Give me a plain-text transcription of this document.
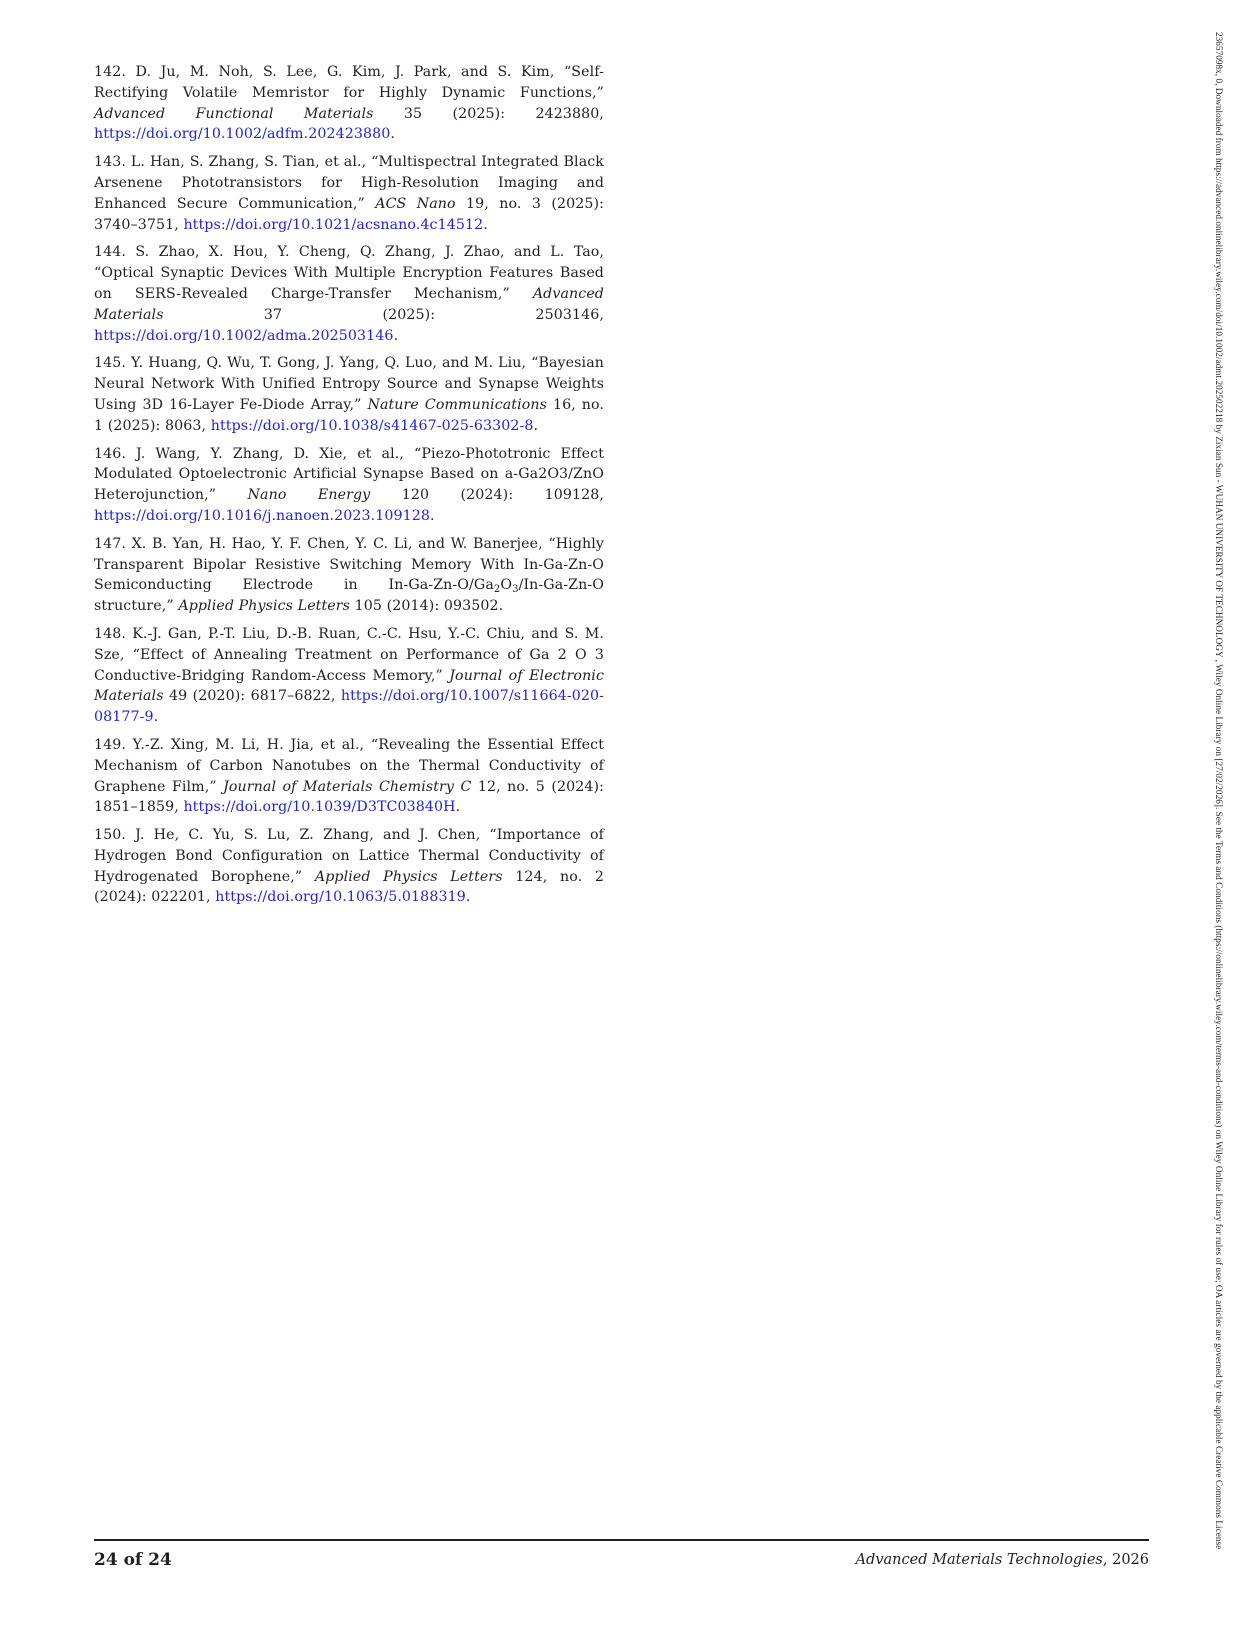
142. D. Ju, M. Noh, S. Lee, G. Kim, J. Park, and S. Kim, “Self-Rectifying Volatile Memristor for Highly Dynamic Functions,” Advanced Functional Materials 35 (2025): 2423880, https://doi.org/10.1002/adfm.202423880.

143. L. Han, S. Zhang, S. Tian, et al., “Multispectral Integrated Black Arsenene Phototransistors for High-Resolution Imaging and Enhanced Secure Communication,” ACS Nano 19, no. 3 (2025): 3740–3751, https://doi.org/10.1021/acsnano.4c14512.

144. S. Zhao, X. Hou, Y. Cheng, Q. Zhang, J. Zhao, and L. Tao, “Optical Synaptic Devices With Multiple Encryption Features Based on SERS-Revealed Charge-Transfer Mechanism,” Advanced Materials 37 (2025): 2503146, https://doi.org/10.1002/adma.202503146.

145. Y. Huang, Q. Wu, T. Gong, J. Yang, Q. Luo, and M. Liu, “Bayesian Neural Network With Unified Entropy Source and Synapse Weights Using 3D 16-Layer Fe-Diode Array,” Nature Communications 16, no. 1 (2025): 8063, https://doi.org/10.1038/s41467-025-63302-8.

146. J. Wang, Y. Zhang, D. Xie, et al., “Piezo-Phototronic Effect Modulated Optoelectronic Artificial Synapse Based on a-Ga2O3/ZnO Heterojunction,” Nano Energy 120 (2024): 109128, https://doi.org/10.1016/j.nanoen.2023.109128.

147. X. B. Yan, H. Hao, Y. F. Chen, Y. C. Li, and W. Banerjee, “Highly Transparent Bipolar Resistive Switching Memory With In-Ga-Zn-O Semiconducting Electrode in $In-Ga-Zn-O/Ga_2O_3/In-Ga-Zn-O$ structure,” Applied Physics Letters 105 (2014): 093502.

148. K.-J. Gan, P.-T. Liu, D.-B. Ruan, C.-C. Hsu, Y.-C. Chiu, and S. M. Sze, “Effect of Annealing Treatment on Performance of Ga 2 O 3 Conductive-Bridging Random-Access Memory,” Journal of Electronic Materials 49 (2020): 6817–6822, https://doi.org/10.1007/s11664-020-08177-9.

149. Y.-Z. Xing, M. Li, H. Jia, et al., “Revealing the Essential Effect Mechanism of Carbon Nanotubes on the Thermal Conductivity of Graphene Film,” Journal of Materials Chemistry C 12, no. 5 (2024): 1851–1859, https://doi.org/10.1039/D3TC03840H.

150. J. He, C. Yu, S. Lu, Z. Zhang, and J. Chen, “Importance of Hydrogen Bond Configuration on Lattice Thermal Conductivity of Hydrogenated Borophene,” Applied Physics Letters 124, no. 2 (2024): 022201, https://doi.org/10.1063/5.0188319.

24 of 24	Advanced Materials Technologies, 2026
23657098x, 0, Downloaded from https://advanced.onlinelibrary.wiley.com/doi/10.1002/admt.202502218 by Zixian Sun - WUHAN UNIVERSITY OF TECHNOLOGY , Wiley Online Library on [27/02/2026]. See the Terms and Conditions (https://onlinelibrary.wiley.com/terms-and-conditions) on Wiley Online Library for rules of use; OA articles are governed by the applicable Creative Commons License
